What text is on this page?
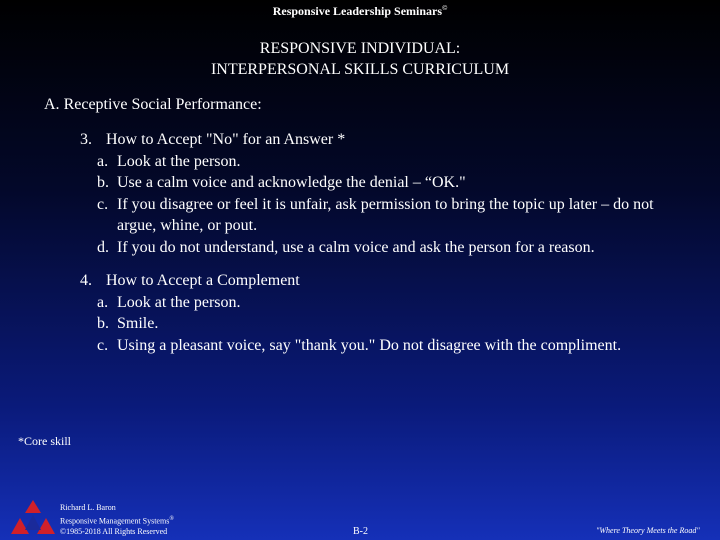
Responsive Leadership Seminars©
RESPONSIVE INDIVIDUAL:
INTERPERSONAL SKILLS CURRICULUM
A. Receptive Social Performance:
3. How to Accept "No" for an Answer *
a. Look at the person.
b. Use a calm voice and acknowledge the denial – “OK."
c. If you disagree or feel it is unfair, ask permission to bring the topic up later – do not argue, whine, or pout.
d. If you do not understand, use a calm voice and ask the person for a reason.
4. How to Accept a Complement
a. Look at the person.
b. Smile.
c. Using a pleasant voice, say "thank you." Do not disagree with the compliment.
*Core skill
Richard L. Baron
Responsive Management Systems®
©1985-2018 All Rights Reserved	B-2	"Where Theory Meets the Road"
